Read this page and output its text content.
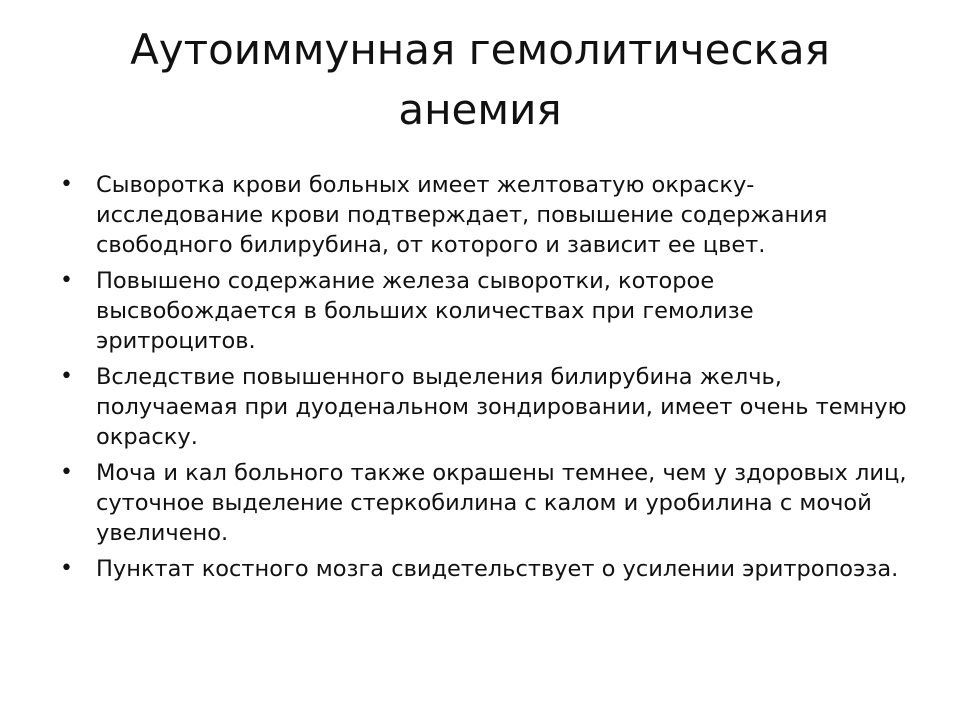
Аутоиммунная гемолитическая анемия
•	Сыворотка крови больных имеет желтоватую окраску- исследование крови подтверждает, повышение содержания свободного билирубина, от которого и зависит ее цвет.
•	Повышено содержание железа сыворотки, которое высвобождается в больших количествах при гемолизе эритроцитов.
•	Вследствие повышенного выделения билирубина желчь, получаемая при дуоденальном зондировании, имеет очень темную окраску.
•	Моча и кал больного также окрашены темнее, чем у здоровых лиц, суточное выделение стеркобилина с калом и уробилина с мочой увеличено.
•	Пунктат костного мозга свидетельствует о усилении эритропоэза.
